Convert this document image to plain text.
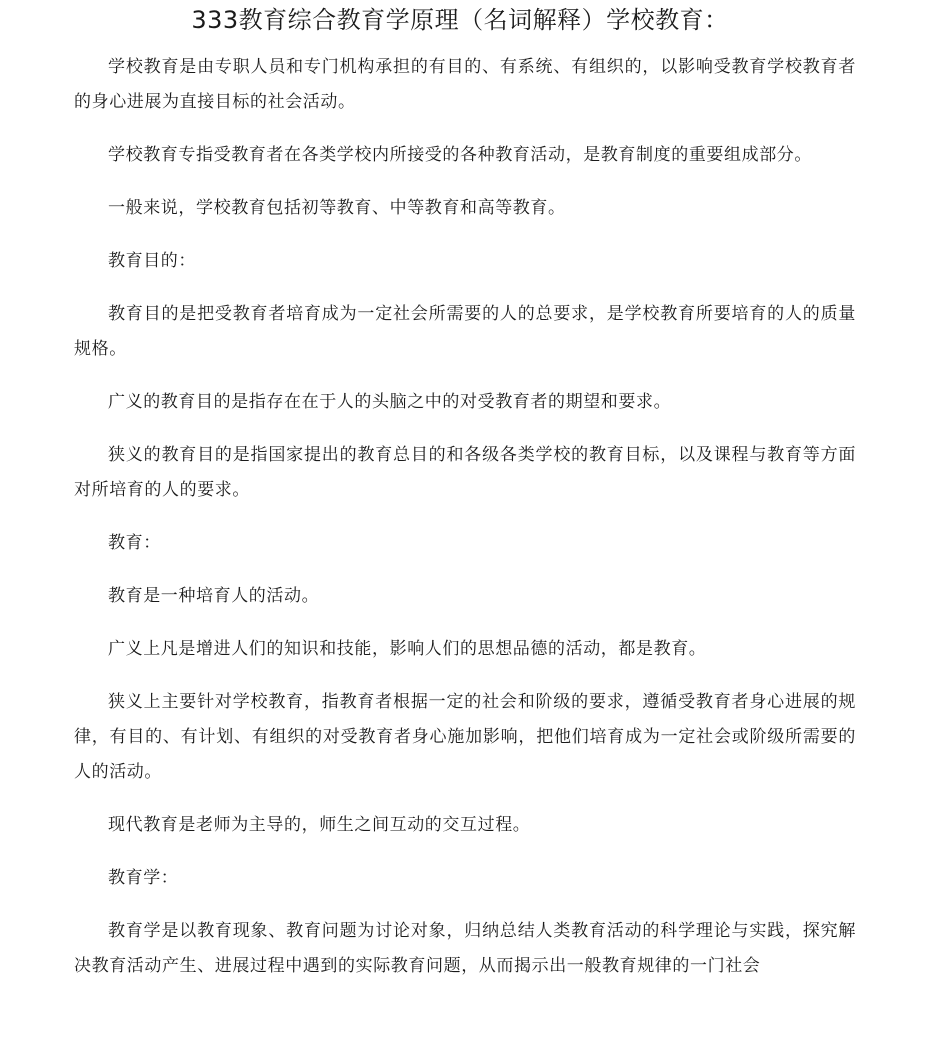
333教育综合教育学原理（名词解释）学校教育：

学校教育是由专职人员和专门机构承担的有目的、有系统、有组织的，以影响受教育学校教育者的身心进展为直接目标的社会活动。

学校教育专指受教育者在各类学校内所接受的各种教育活动，是教育制度的重要组成部分。

一般来说，学校教育包括初等教育、中等教育和高等教育。

教育目的：

教育目的是把受教育者培育成为一定社会所需要的人的总要求，是学校教育所要培育的人的质量规格。

广义的教育目的是指存在在于人的头脑之中的对受教育者的期望和要求。

狭义的教育目的是指国家提出的教育总目的和各级各类学校的教育目标，以及课程与教育等方面对所培育的人的要求。

教育：

教育是一种培育人的活动。

广义上凡是增进人们的知识和技能，影响人们的思想品德的活动，都是教育。

狭义上主要针对学校教育，指教育者根据一定的社会和阶级的要求，遵循受教育者身心进展的规律，有目的、有计划、有组织的对受教育者身心施加影响，把他们培育成为一定社会或阶级所需要的人的活动。

现代教育是老师为主导的，师生之间互动的交互过程。

教育学：

教育学是以教育现象、教育问题为讨论对象，归纳总结人类教育活动的科学理论与实践，探究解决教育活动产生、进展过程中遇到的实际教育问题，从而揭示出一般教育规律的一门社会
